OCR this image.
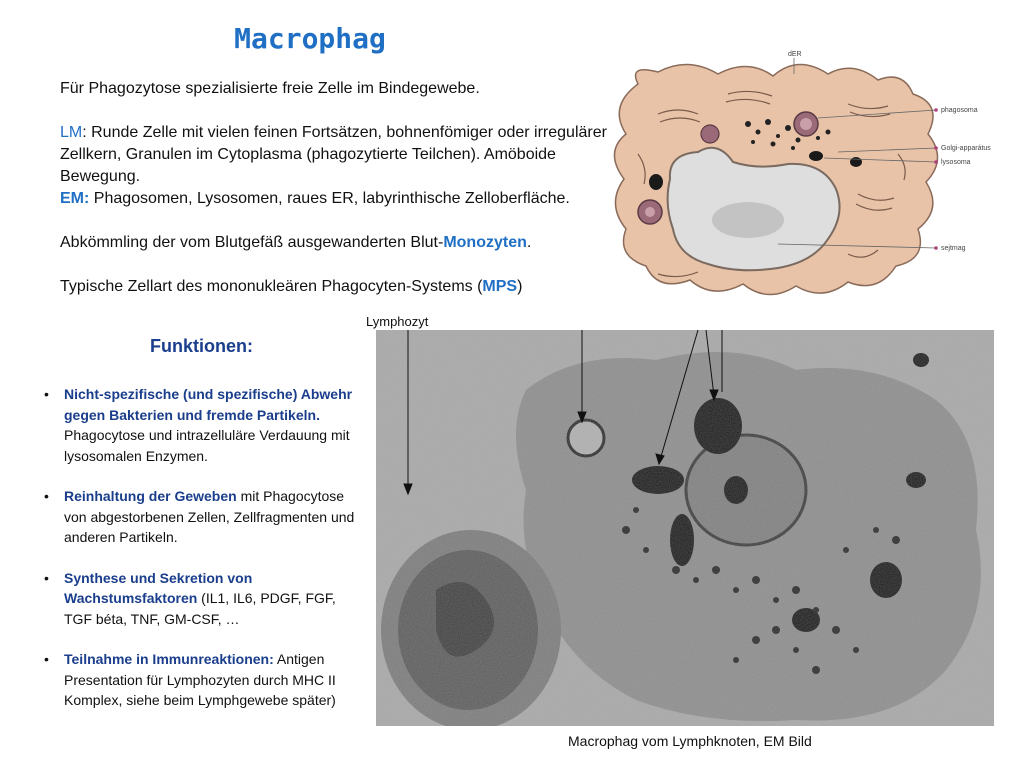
Macrophag

Für Phagozytose spezialisierte freie Zelle im Bindegewebe.

LM: Runde Zelle mit vielen feinen Fortsätzen, bohnenfömiger oder irregulärer Zellkern, Granulen im Cytoplasma (phagozytierte Teilchen). Amöboide Bewegung.

EM: Phagosomen, Lysosomen, raues ER, labyrinthische Zelloberfläche.

Abkömmling der vom Blutgefäß ausgewanderten Blut-Monozyten.

Typische Zellart des mononukleären Phagocyten-Systems (MPS)

dER
phagosoma
Golgi-apparátus
lysosoma
sejtmag
Funktionen:
• Nicht-spezifische (und spezifische) Abwehr gegen Bakterien und fremde Partikeln. Phagocytose und intrazelluläre Verdauung mit lysosomalen Enzymen.
• Reinhaltung der Geweben mit Phagocytose von abgestorbenen Zellen, Zellfragmenten und anderen Partikeln.
• Synthese und Sekretion von Wachstumsfaktoren (IL1, IL6, PDGF, FGF, TGF béta, TNF, GM-CSF, …
• Teilnahme in Immunreaktionen: Antigen Presentation für Lymphozyten durch MHC II Komplex, siehe beim Lymphgewebe später)
Lymphozyt
Macrophag vom Lymphknoten, EM Bild
